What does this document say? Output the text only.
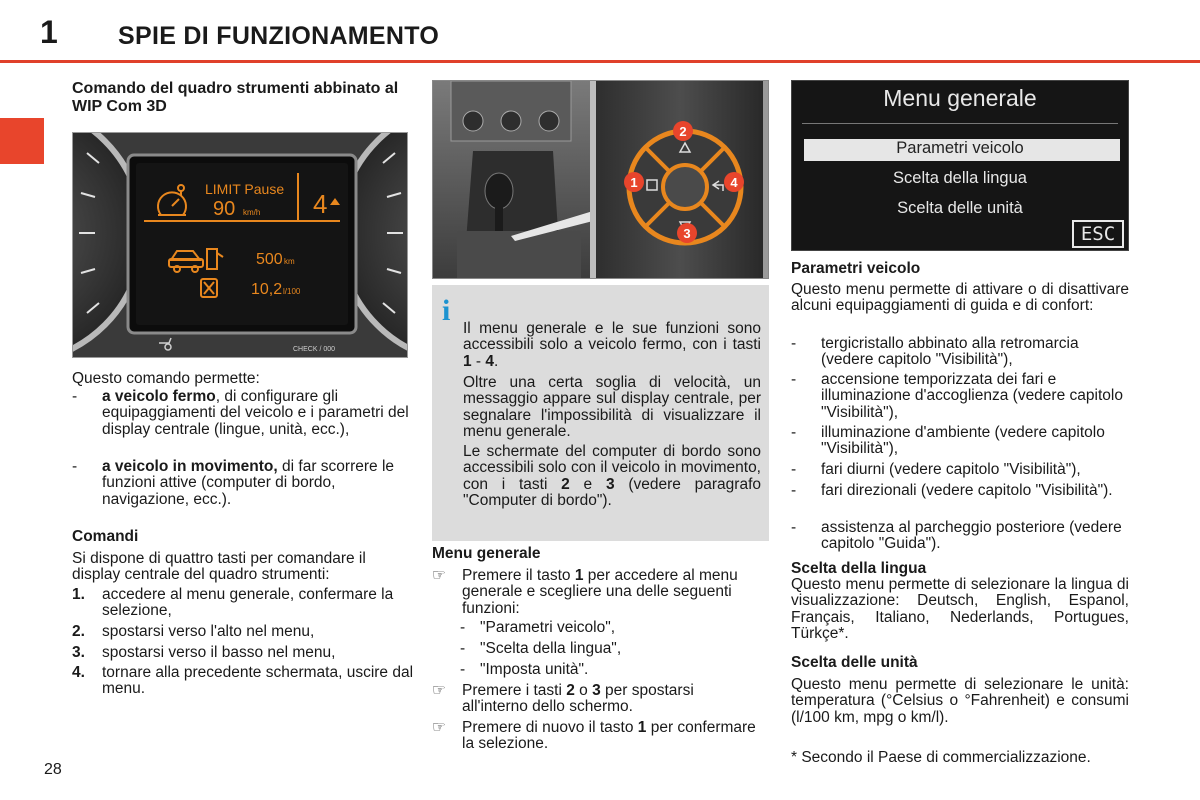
1 SPIE DI FUNZIONAMENTO
Comando del quadro strumenti abbinato al WIP Com 3D
LIMIT Pause
90 km/h 4
500 km
10,2 l/100
CHECK / 000
Questo comando permette:
- a veicolo fermo, di configurare gli equipaggiamenti del veicolo e i parametri del display centrale (lingue, unità, ecc.),
- a veicolo in movimento, di far scorrere le funzioni attive (computer di bordo, navigazione, ecc.).
Comandi
Si dispone di quattro tasti per comandare il display centrale del quadro strumenti:
1. accedere al menu generale, confermare la selezione,
2. spostarsi verso l'alto nel menu,
3. spostarsi verso il basso nel menu,
4. tornare alla precedente schermata, uscire dal menu.
28
1
2
3
4
i
Il menu generale e le sue funzioni sono accessibili solo a veicolo fermo, con i tasti 1 - 4.
Oltre una certa soglia di velocità, un messaggio appare sul display centrale, per segnalare l'impossibilità di visualizzare il menu generale.
Le schermate del computer di bordo sono accessibili solo con il veicolo in movimento, con i tasti 2 e 3 (vedere paragrafo "Computer di bordo").
Menu generale
☞ Premere il tasto 1 per accedere al menu generale e scegliere una delle seguenti funzioni:
- "Parametri veicolo",
- "Scelta della lingua",
- "Imposta unità".
☞ Premere i tasti 2 o 3 per spostarsi all'interno dello schermo.
☞ Premere di nuovo il tasto 1 per confermare la selezione.
Menu generale
Parametri veicolo
Scelta della lingua
Scelta delle unità
ESC
Parametri veicolo
Questo menu permette di attivare o di disattivare alcuni equipaggiamenti di guida e di confort:
- tergicristallo abbinato alla retromarcia (vedere capitolo "Visibilità"),
- accensione temporizzata dei fari e illuminazione d'accoglienza (vedere capitolo "Visibilità"),
- illuminazione d'ambiente (vedere capitolo "Visibilità"),
- fari diurni (vedere capitolo "Visibilità"),
- fari direzionali (vedere capitolo "Visibilità").
- assistenza al parcheggio posteriore (vedere capitolo "Guida").
Scelta della lingua
Questo menu permette di selezionare la lingua di visualizzazione: Deutsch, English, Espanol, Français, Italiano, Nederlands, Portugues, Türkçe*.
Scelta delle unità
Questo menu permette di selezionare le unità: temperatura (°Celsius o °Fahrenheit) e consumi (l/100 km, mpg o km/l).
* Secondo il Paese di commercializzazione.
